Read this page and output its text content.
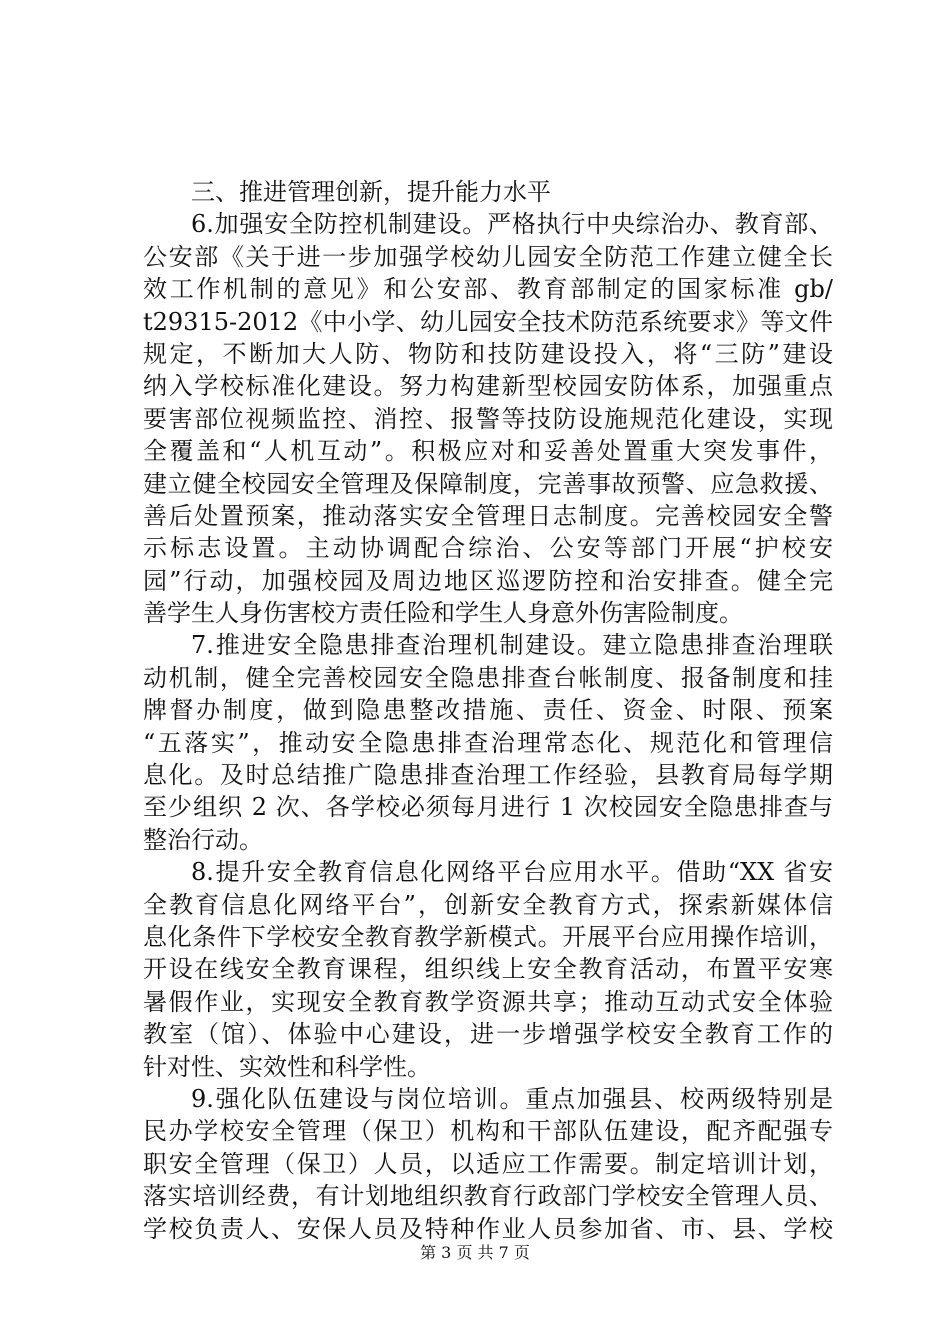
三、推进管理创新，提升能力水平
6.加强安全防控机制建设。严格执行中央综治办、教育部、
公安部《关于进一步加强学校幼儿园安全防范工作建立健全长
效工作机制的意见》和公安部、教育部制定的国家标准 gb/
t29315-2012《中小学、幼儿园安全技术防范系统要求》等文件
规定，不断加大人防、物防和技防建设投入，将“三防”建设
纳入学校标准化建设。努力构建新型校园安防体系，加强重点
要害部位视频监控、消控、报警等技防设施规范化建设，实现
全覆盖和“人机互动”。积极应对和妥善处置重大突发事件，
建立健全校园安全管理及保障制度，完善事故预警、应急救援、
善后处置预案，推动落实安全管理日志制度。完善校园安全警
示标志设置。主动协调配合综治、公安等部门开展“护校安
园”行动，加强校园及周边地区巡逻防控和治安排查。健全完
善学生人身伤害校方责任险和学生人身意外伤害险制度。
7.推进安全隐患排查治理机制建设。建立隐患排查治理联
动机制，健全完善校园安全隐患排查台帐制度、报备制度和挂
牌督办制度，做到隐患整改措施、责任、资金、时限、预案
“五落实”，推动安全隐患排查治理常态化、规范化和管理信
息化。及时总结推广隐患排查治理工作经验，县教育局每学期
至少组织 2 次、各学校必须每月进行 1 次校园安全隐患排查与
整治行动。
8.提升安全教育信息化网络平台应用水平。借助“XX 省安
全教育信息化网络平台”，创新安全教育方式，探索新媒体信
息化条件下学校安全教育教学新模式。开展平台应用操作培训，
开设在线安全教育课程，组织线上安全教育活动，布置平安寒
暑假作业，实现安全教育教学资源共享；推动互动式安全体验
教室（馆）、体验中心建设，进一步增强学校安全教育工作的
针对性、实效性和科学性。
9.强化队伍建设与岗位培训。重点加强县、校两级特别是
民办学校安全管理（保卫）机构和干部队伍建设，配齐配强专
职安全管理（保卫）人员，以适应工作需要。制定培训计划，
落实培训经费，有计划地组织教育行政部门学校安全管理人员、
学校负责人、安保人员及特种作业人员参加省、市、县、学校
第 3 页 共 7 页
